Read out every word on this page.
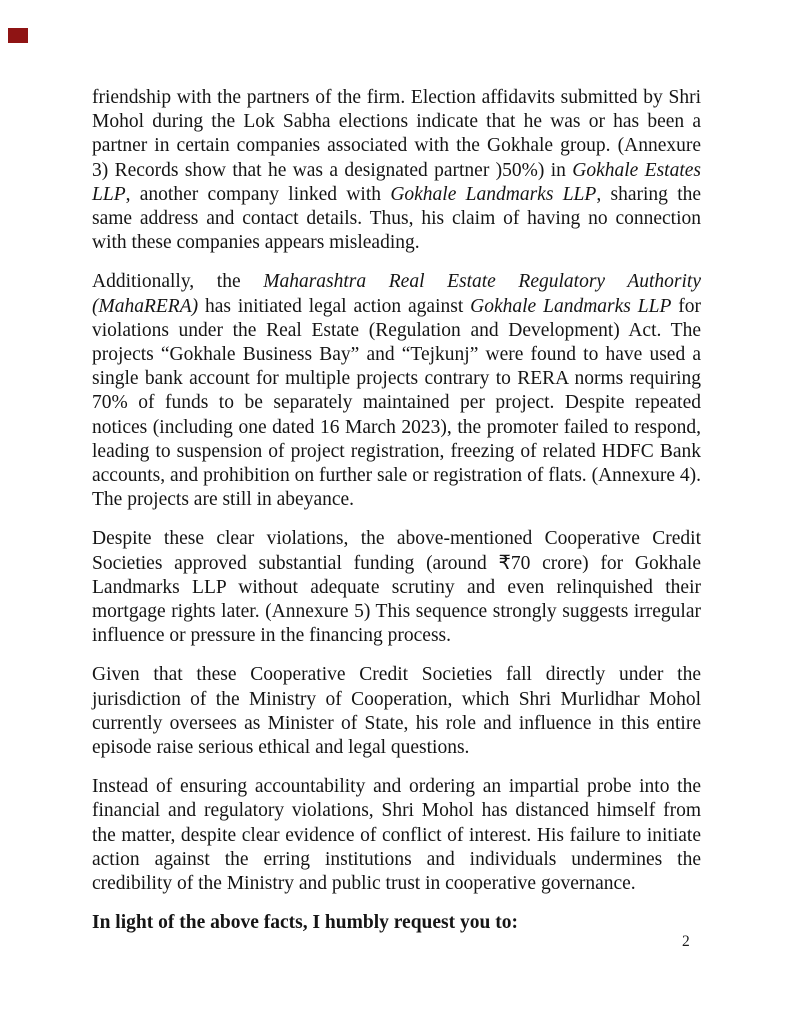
friendship with the partners of the firm. Election affidavits submitted by Shri Mohol during the Lok Sabha elections indicate that he was or has been a partner in certain companies associated with the Gokhale group. (Annexure 3) Records show that he was a designated partner )50%) in Gokhale Estates LLP, another company linked with Gokhale Landmarks LLP, sharing the same address and contact details. Thus, his claim of having no connection with these companies appears misleading.

Additionally, the Maharashtra Real Estate Regulatory Authority (MahaRERA) has initiated legal action against Gokhale Landmarks LLP for violations under the Real Estate (Regulation and Development) Act. The projects “Gokhale Business Bay” and “Tejkunj” were found to have used a single bank account for multiple projects contrary to RERA norms requiring 70% of funds to be separately maintained per project. Despite repeated notices (including one dated 16 March 2023), the promoter failed to respond, leading to suspension of project registration, freezing of related HDFC Bank accounts, and prohibition on further sale or registration of flats. (Annexure 4). The projects are still in abeyance.

Despite these clear violations, the above-mentioned Cooperative Credit Societies approved substantial funding (around ₹70 crore) for Gokhale Landmarks LLP without adequate scrutiny and even relinquished their mortgage rights later. (Annexure 5) This sequence strongly suggests irregular influence or pressure in the financing process.

Given that these Cooperative Credit Societies fall directly under the jurisdiction of the Ministry of Cooperation, which Shri Murlidhar Mohol currently oversees as Minister of State, his role and influence in this entire episode raise serious ethical and legal questions.

Instead of ensuring accountability and ordering an impartial probe into the financial and regulatory violations, Shri Mohol has distanced himself from the matter, despite clear evidence of conflict of interest. His failure to initiate action against the erring institutions and individuals undermines the credibility of the Ministry and public trust in cooperative governance.

In light of the above facts, I humbly request you to:

2
